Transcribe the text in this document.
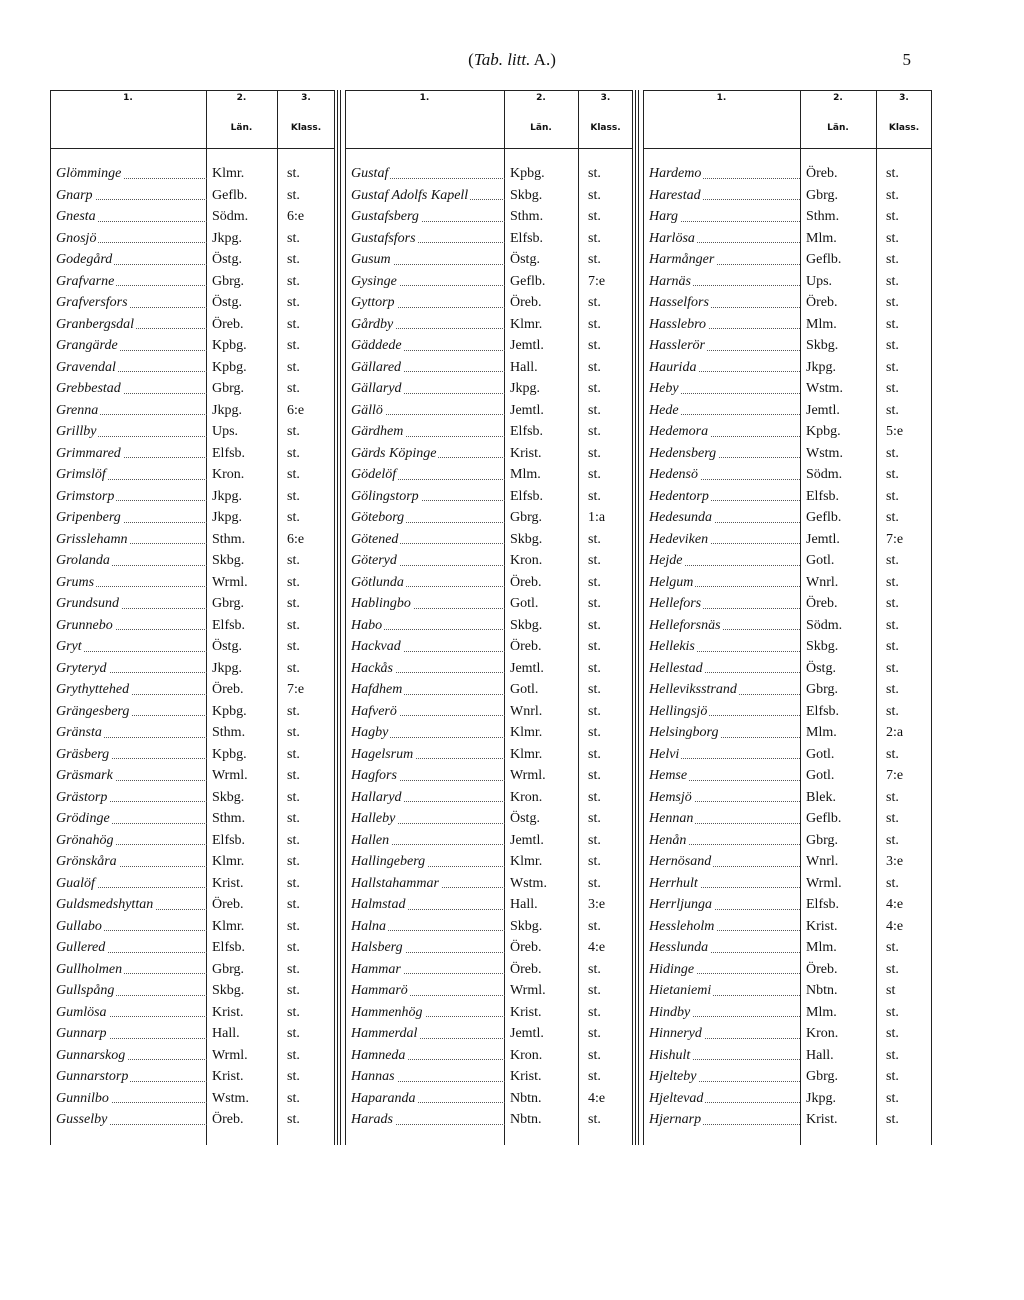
(Tab. litt. A.)	5
1.	2.	3.
Län.	Klass.
Glömminge	Klmr.	st.
Gnarp	Geflb.	st.
Gnesta	Södm.	6:e
Gnosjö	Jkpg.	st.
Godegård	Östg.	st.
Grafvarne	Gbrg.	st.
Grafversfors	Östg.	st.
Granbergsdal	Öreb.	st.
Grangärde	Kpbg.	st.
Gravendal	Kpbg.	st.
Grebbestad	Gbrg.	st.
Grenna	Jkpg.	6:e
Grillby	Ups.	st.
Grimmared	Elfsb.	st.
Grimslöf	Kron.	st.
Grimstorp	Jkpg.	st.
Gripenberg	Jkpg.	st.
Grisslehamn	Sthm.	6:e
Grolanda	Skbg.	st.
Grums	Wrml.	st.
Grundsund	Gbrg.	st.
Grunnebo	Elfsb.	st.
Gryt	Östg.	st.
Gryteryd	Jkpg.	st.
Grythyttehed	Öreb.	7:e
Grängesberg	Kpbg.	st.
Gränsta	Sthm.	st.
Gräsberg	Kpbg.	st.
Gräsmark	Wrml.	st.
Grästorp	Skbg.	st.
Grödinge	Sthm.	st.
Grönahög	Elfsb.	st.
Grönskåra	Klmr.	st.
Gualöf	Krist.	st.
Guldsmedshyttan	Öreb.	st.
Gullabo	Klmr.	st.
Gullered	Elfsb.	st.
Gullholmen	Gbrg.	st.
Gullspång	Skbg.	st.
Gumlösa	Krist.	st.
Gunnarp	Hall.	st.
Gunnarskog	Wrml.	st.
Gunnarstorp	Krist.	st.
Gunnilbo	Wstm.	st.
Gusselby	Öreb.	st.
1.	2.	3.
Län.	Klass.
Gustaf	Kpbg.	st.
Gustaf Adolfs Kapell	Skbg.	st.
Gustafsberg	Sthm.	st.
Gustafsfors	Elfsb.	st.
Gusum	Östg.	st.
Gysinge	Geflb.	7:e
Gyttorp	Öreb.	st.
Gårdby	Klmr.	st.
Gäddede	Jemtl.	st.
Gällared	Hall.	st.
Gällaryd	Jkpg.	st.
Gällö	Jemtl.	st.
Gärdhem	Elfsb.	st.
Gärds Köpinge	Krist.	st.
Gödelöf	Mlm.	st.
Gölingstorp	Elfsb.	st.
Göteborg	Gbrg.	1:a
Götened	Skbg.	st.
Göteryd	Kron.	st.
Götlunda	Öreb.	st.
Hablingbo	Gotl.	st.
Habo	Skbg.	st.
Hackvad	Öreb.	st.
Hackås	Jemtl.	st.
Hafdhem	Gotl.	st.
Hafverö	Wnrl.	st.
Hagby	Klmr.	st.
Hagelsrum	Klmr.	st.
Hagfors	Wrml.	st.
Hallaryd	Kron.	st.
Halleby	Östg.	st.
Hallen	Jemtl.	st.
Hallingeberg	Klmr.	st.
Hallstahammar	Wstm.	st.
Halmstad	Hall.	3:e
Halna	Skbg.	st.
Halsberg	Öreb.	4:e
Hammar	Öreb.	st.
Hammarö	Wrml.	st.
Hammenhög	Krist.	st.
Hammerdal	Jemtl.	st.
Hamneda	Kron.	st.
Hannas	Krist.	st.
Haparanda	Nbtn.	4:e
Harads	Nbtn.	st.
1.	2.	3.
Län.	Klass.
Hardemo	Öreb.	st.
Harestad	Gbrg.	st.
Harg	Sthm.	st.
Harlösa	Mlm.	st.
Harmånger	Geflb.	st.
Harnäs	Ups.	st.
Hasselfors	Öreb.	st.
Hasslebro	Mlm.	st.
Hasslerör	Skbg.	st.
Haurida	Jkpg.	st.
Heby	Wstm.	st.
Hede	Jemtl.	st.
Hedemora	Kpbg.	5:e
Hedensberg	Wstm.	st.
Hedensö	Södm.	st.
Hedentorp	Elfsb.	st.
Hedesunda	Geflb.	st.
Hedeviken	Jemtl.	7:e
Hejde	Gotl.	st.
Helgum	Wnrl.	st.
Hellefors	Öreb.	st.
Helleforsnäs	Södm.	st.
Hellekis	Skbg.	st.
Hellestad	Östg.	st.
Helleviksstrand	Gbrg.	st.
Hellingsjö	Elfsb.	st.
Helsingborg	Mlm.	2:a
Helvi	Gotl.	st.
Hemse	Gotl.	7:e
Hemsjö	Blek.	st.
Hennan	Geflb.	st.
Henån	Gbrg.	st.
Hernösand	Wnrl.	3:e
Herrhult	Wrml.	st.
Herrljunga	Elfsb.	4:e
Hessleholm	Krist.	4:e
Hesslunda	Mlm.	st.
Hidinge	Öreb.	st.
Hietaniemi	Nbtn.	st
Hindby	Mlm.	st.
Hinneryd	Kron.	st.
Hishult	Hall.	st.
Hjelteby	Gbrg.	st.
Hjeltevad	Jkpg.	st.
Hjernarp	Krist.	st.
